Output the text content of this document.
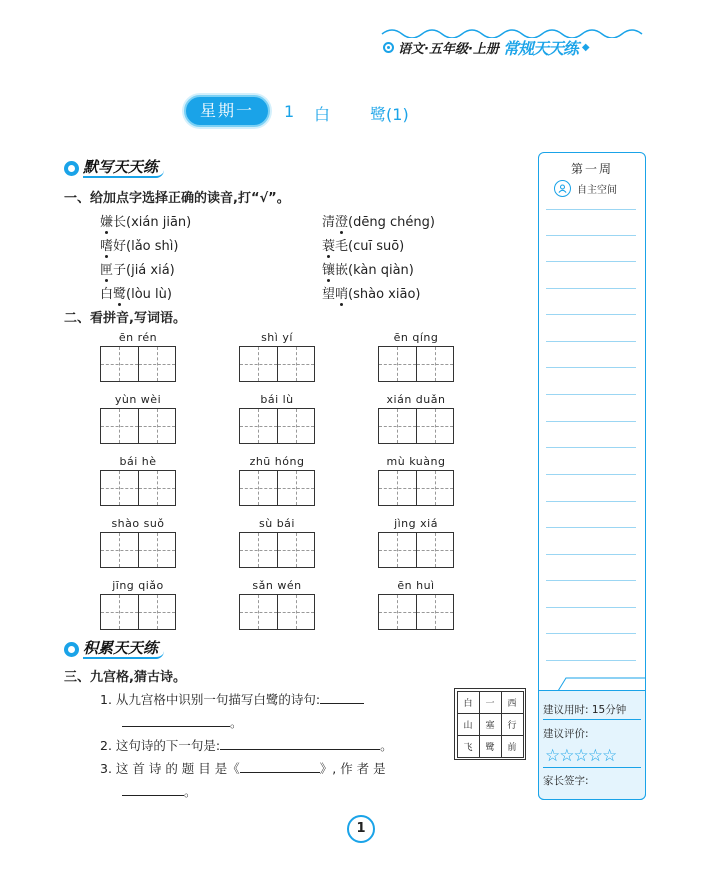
语文·五年级·上册 常规天天练 ◆
星期一	1 白	鹭(1)
默写天天练
一、给加点字选择正确的读音,打“√”。
嫌长(xián jiān)
嗜好(lǎo shì)
匣子(jiá xiá)
白鹭(lòu lù)
清澄(dēng chéng)
蓑毛(cuī suō)
镶嵌(kàn qiàn)
望哨(shào xiāo)
二、看拼音,写词语。
ēn rén	shì yí	ēn qíng
yùn wèi	bái lù	xián duǎn
bái hè	zhū hóng	mù kuàng
shào suǒ	sù bái	jìng xiá
jīng qiǎo	sǎn wén	ēn huì
积累天天练
三、九宫格,猜古诗。
1. 从九宫格中识别一句描写白鹭的诗句:
。
2. 这句诗的下一句是:	。
3. 这 首 诗 的 题 目 是《	》, 作 者 是
。
白	一	西
山	塞	行
飞	鹭	前
第一周
自主空间
建议用时: 15分钟
建议评价:
☆☆☆☆☆
家长签字:
1
